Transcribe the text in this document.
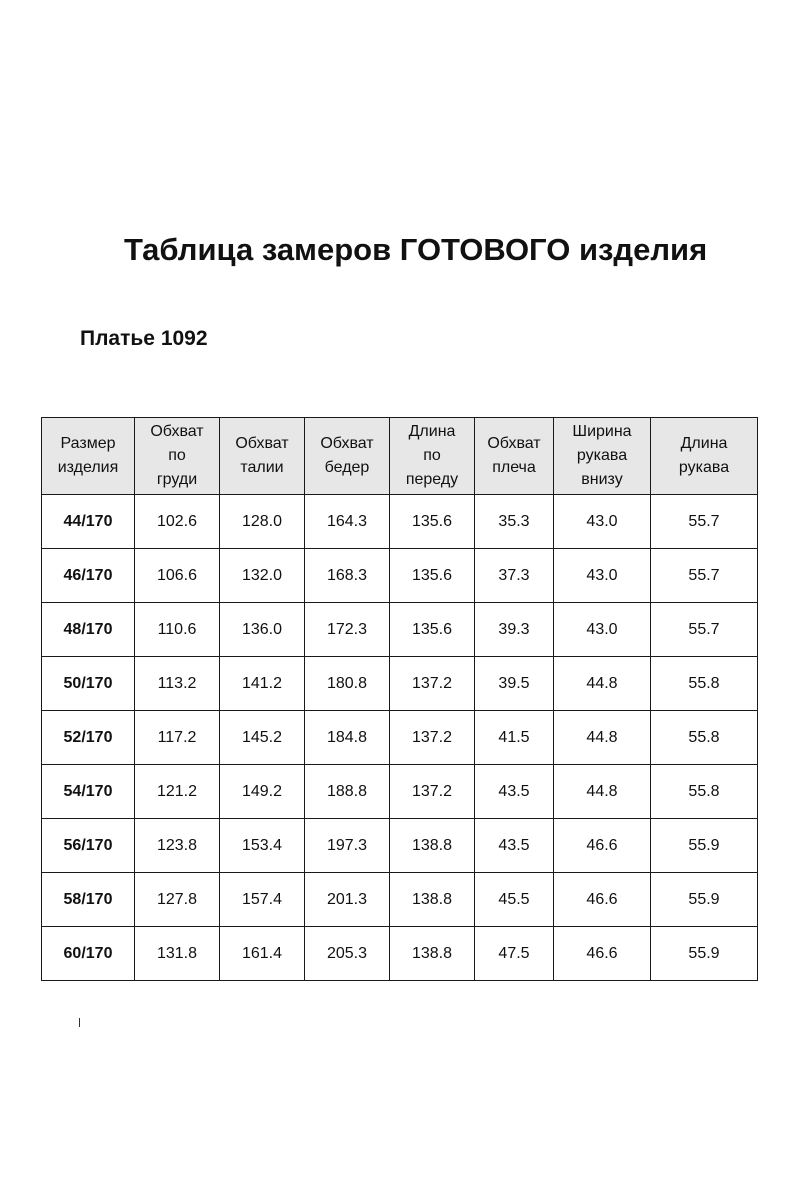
Таблица замеров ГОТОВОГО изделия
Платье 1092
Размер
изделия	Обхват
по
груди	Обхват
талии	Обхват
бедер	Длина
по
переду	Обхват
плеча	Ширина
рукава
внизу	Длина
рукава
44/170	102.6	128.0	164.3	135.6	35.3	43.0	55.7
46/170	106.6	132.0	168.3	135.6	37.3	43.0	55.7
48/170	110.6	136.0	172.3	135.6	39.3	43.0	55.7
50/170	113.2	141.2	180.8	137.2	39.5	44.8	55.8
52/170	117.2	145.2	184.8	137.2	41.5	44.8	55.8
54/170	121.2	149.2	188.8	137.2	43.5	44.8	55.8
56/170	123.8	153.4	197.3	138.8	43.5	46.6	55.9
58/170	127.8	157.4	201.3	138.8	45.5	46.6	55.9
60/170	131.8	161.4	205.3	138.8	47.5	46.6	55.9
